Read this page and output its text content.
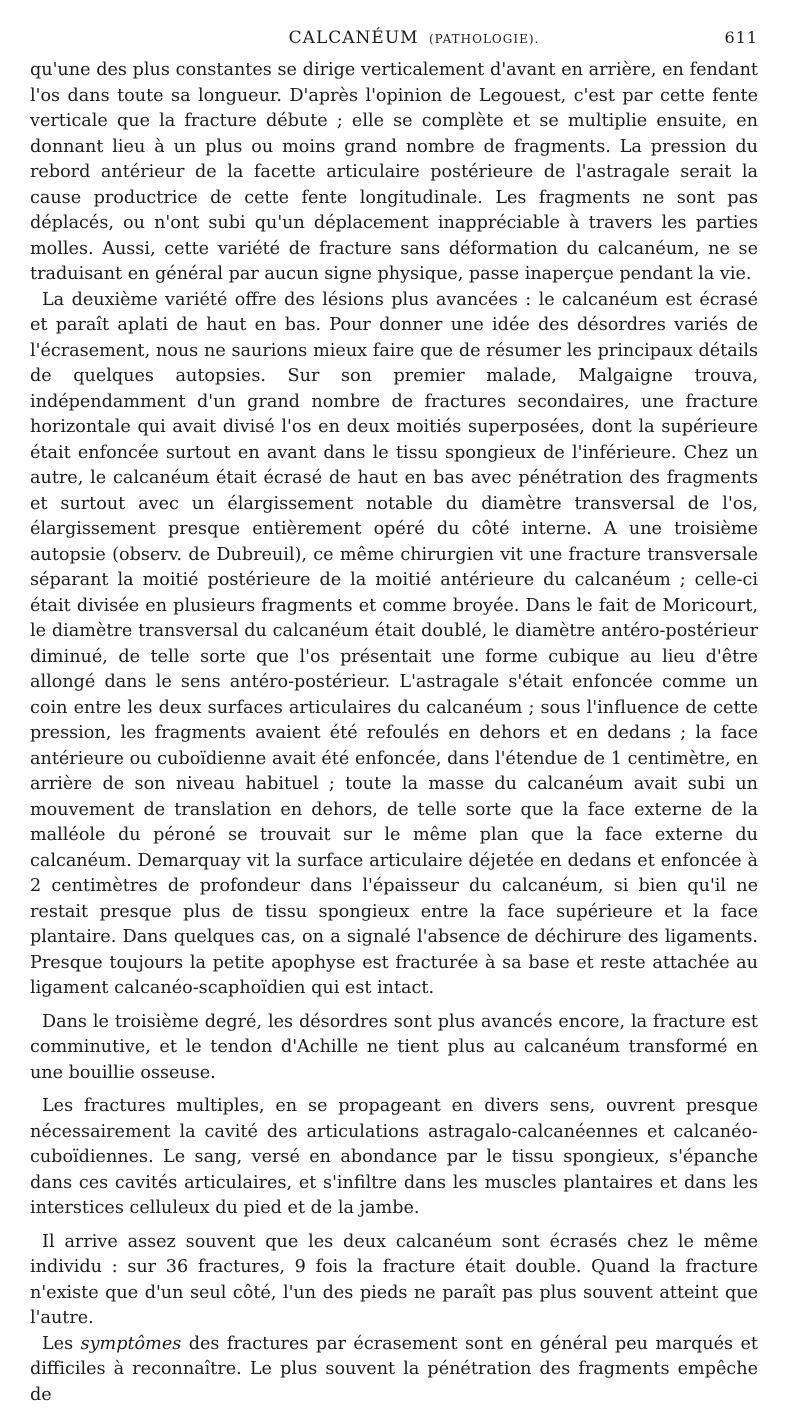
CALCANÉUM (PATHOLOGIE).	611

qu'une des plus constantes se dirige verticalement d'avant en arrière, en fendant l'os dans toute sa longueur. D'après l'opinion de Legouest, c'est par cette fente verticale que la fracture débute ; elle se complète et se multiplie ensuite, en donnant lieu à un plus ou moins grand nombre de fragments. La pression du rebord antérieur de la facette articulaire postérieure de l'astragale serait la cause productrice de cette fente longitudinale. Les fragments ne sont pas déplacés, ou n'ont subi qu'un déplacement inappréciable à travers les parties molles. Aussi, cette variété de fracture sans déformation du calcanéum, ne se traduisant en général par aucun signe physique, passe inaperçue pendant la vie.

La deuxième variété offre des lésions plus avancées : le calcanéum est écrasé et paraît aplati de haut en bas. Pour donner une idée des désordres variés de l'écrasement, nous ne saurions mieux faire que de résumer les principaux détails de quelques autopsies. Sur son premier malade, Malgaigne trouva, indépendamment d'un grand nombre de fractures secondaires, une fracture horizontale qui avait divisé l'os en deux moitiés superposées, dont la supérieure était enfoncée surtout en avant dans le tissu spongieux de l'inférieure. Chez un autre, le calcanéum était écrasé de haut en bas avec pénétration des fragments et surtout avec un élargissement notable du diamètre transversal de l'os, élargissement presque entièrement opéré du côté interne. A une troisième autopsie (observ. de Dubreuil), ce même chirurgien vit une fracture transversale séparant la moitié postérieure de la moitié antérieure du calcanéum ; celle-ci était divisée en plusieurs fragments et comme broyée. Dans le fait de Moricourt, le diamètre transversal du calcanéum était doublé, le diamètre antéro-postérieur diminué, de telle sorte que l'os présentait une forme cubique au lieu d'être allongé dans le sens antéro-postérieur. L'astragale s'était enfoncée comme un coin entre les deux surfaces articulaires du calcanéum ; sous l'influence de cette pression, les fragments avaient été refoulés en dehors et en dedans ; la face antérieure ou cuboïdienne avait été enfoncée, dans l'étendue de 1 centimètre, en arrière de son niveau habituel ; toute la masse du calcanéum avait subi un mouvement de translation en dehors, de telle sorte que la face externe de la malléole du péroné se trouvait sur le même plan que la face externe du calcanéum. Demarquay vit la surface articulaire déjetée en dedans et enfoncée à 2 centimètres de profondeur dans l'épaisseur du calcanéum, si bien qu'il ne restait presque plus de tissu spongieux entre la face supérieure et la face plantaire. Dans quelques cas, on a signalé l'absence de déchirure des ligaments. Presque toujours la petite apophyse est fracturée à sa base et reste attachée au ligament calcanéo-scaphoïdien qui est intact.

Dans le troisième degré, les désordres sont plus avancés encore, la fracture est comminutive, et le tendon d'Achille ne tient plus au calcanéum transformé en une bouillie osseuse.

Les fractures multiples, en se propageant en divers sens, ouvrent presque nécessairement la cavité des articulations astragalo-calcanéennes et calcanéo-cuboïdiennes. Le sang, versé en abondance par le tissu spongieux, s'épanche dans ces cavités articulaires, et s'infiltre dans les muscles plantaires et dans les interstices celluleux du pied et de la jambe.

Il arrive assez souvent que les deux calcanéum sont écrasés chez le même individu : sur 36 fractures, 9 fois la fracture était double. Quand la fracture n'existe que d'un seul côté, l'un des pieds ne paraît pas plus souvent atteint que l'autre.

Les symptômes des fractures par écrasement sont en général peu marqués et difficiles à reconnaître. Le plus souvent la pénétration des fragments empêche de
